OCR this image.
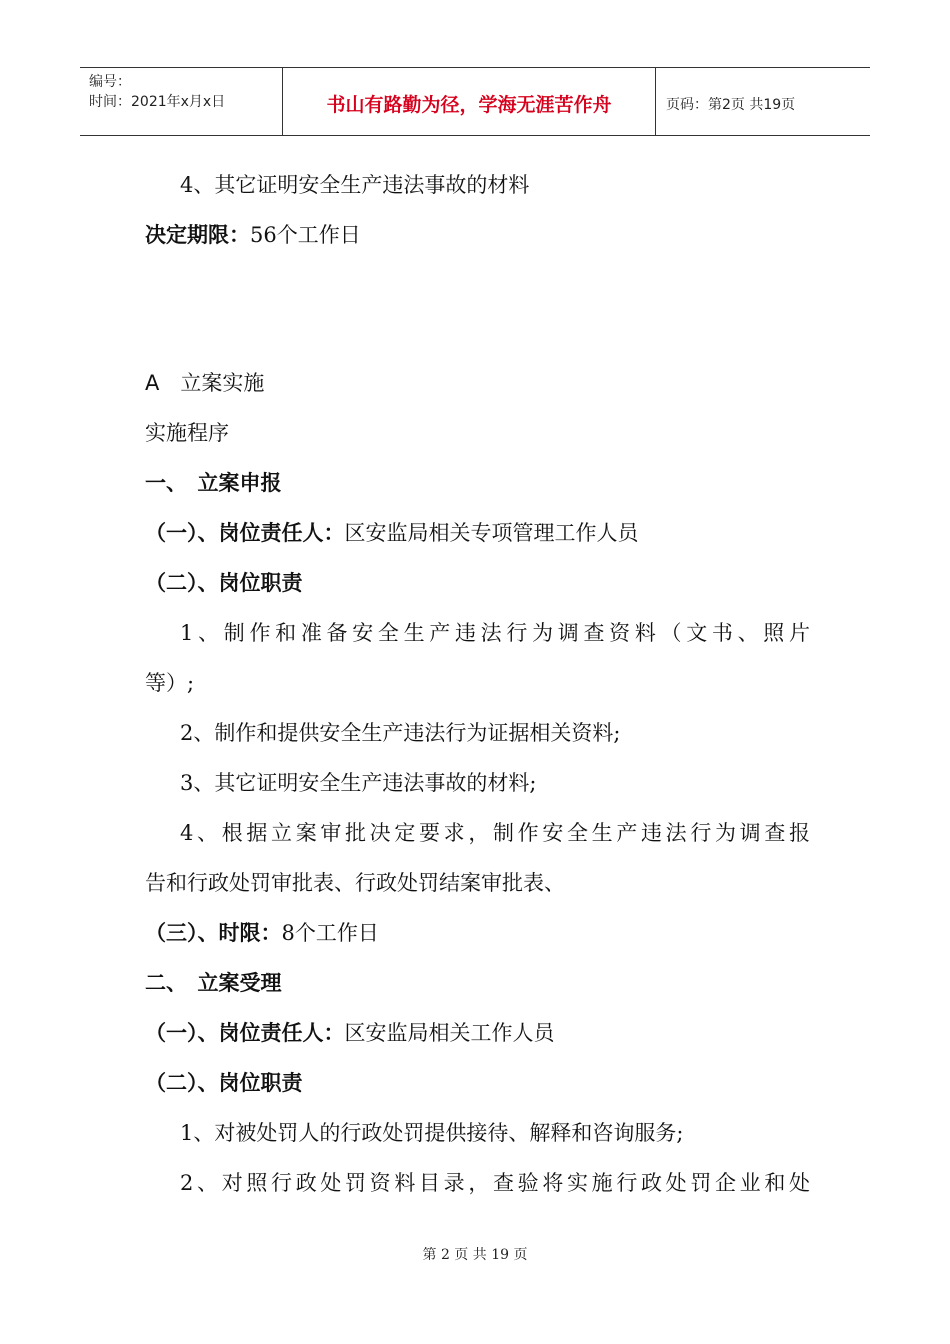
编号：
时间：2021年x月x日	书山有路勤为径，学海无涯苦作舟	页码：第2页 共19页
4、其它证明安全生产违法事故的材料
决定期限：56个工作日
A　立案实施
实施程序
一、　立案申报
（一）、岗位责任人：区安监局相关专项管理工作人员
（二）、岗位职责
1、制作和准备安全生产违法行为调查资料（文书、照片
等）;
2、制作和提供安全生产违法行为证据相关资料;
3、其它证明安全生产违法事故的材料;
4、根据立案审批决定要求，制作安全生产违法行为调查报
告和行政处罚审批表、行政处罚结案审批表、
（三）、时限：8个工作日
二、　立案受理
（一）、岗位责任人：区安监局相关工作人员
（二）、岗位职责
1、对被处罚人的行政处罚提供接待、解释和咨询服务;
2、对照行政处罚资料目录，查验将实施行政处罚企业和处
第 2 页 共 19 页
